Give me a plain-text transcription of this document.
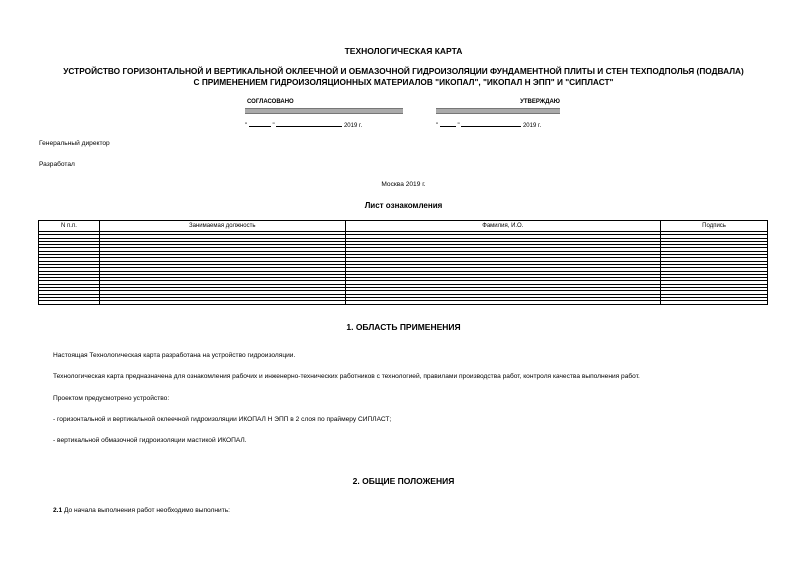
ТЕХНОЛОГИЧЕСКАЯ КАРТА
УСТРОЙСТВО ГОРИЗОНТАЛЬНОЙ И ВЕРТИКАЛЬНОЙ ОКЛЕЕЧНОЙ И ОБМАЗОЧНОЙ ГИДРОИЗОЛЯЦИИ ФУНДАМЕНТНОЙ ПЛИТЫ И СТЕН ТЕХПОДПОЛЬЯ (ПОДВАЛА)
С ПРИМЕНЕНИЕМ ГИДРОИЗОЛЯЦИОННЫХ МАТЕРИАЛОВ "ИКОПАЛ", "ИКОПАЛ Н ЭПП" И "СИПЛАСТ"
СОГЛАСОВАНО
"	"	2019 г.
УТВЕРЖДАЮ
"	"	2019 г.
Генеральный директор
Разработал
Москва 2019 г.
Лист ознакомления
N п.п.	Занимаемая должность	Фамилия, И.О.	Подпись

1. ОБЛАСТЬ ПРИМЕНЕНИЯ
Настоящая Технологическая карта разработана на устройство гидроизоляции.
Технологическая карта предназначена для ознакомления рабочих и инженерно-технических работников с технологией, правилами производства работ, контроля качества выполнения работ.
Проектом предусмотрено устройство:
- горизонтальной и вертикальной оклеечной гидроизоляции ИКОПАЛ Н ЭПП в 2 слоя по праймеру СИПЛАСТ;
- вертикальной обмазочной гидроизоляции мастикой ИКОПАЛ.
2. ОБЩИЕ ПОЛОЖЕНИЯ
2.1 До начала выполнения работ необходимо выполнить:
